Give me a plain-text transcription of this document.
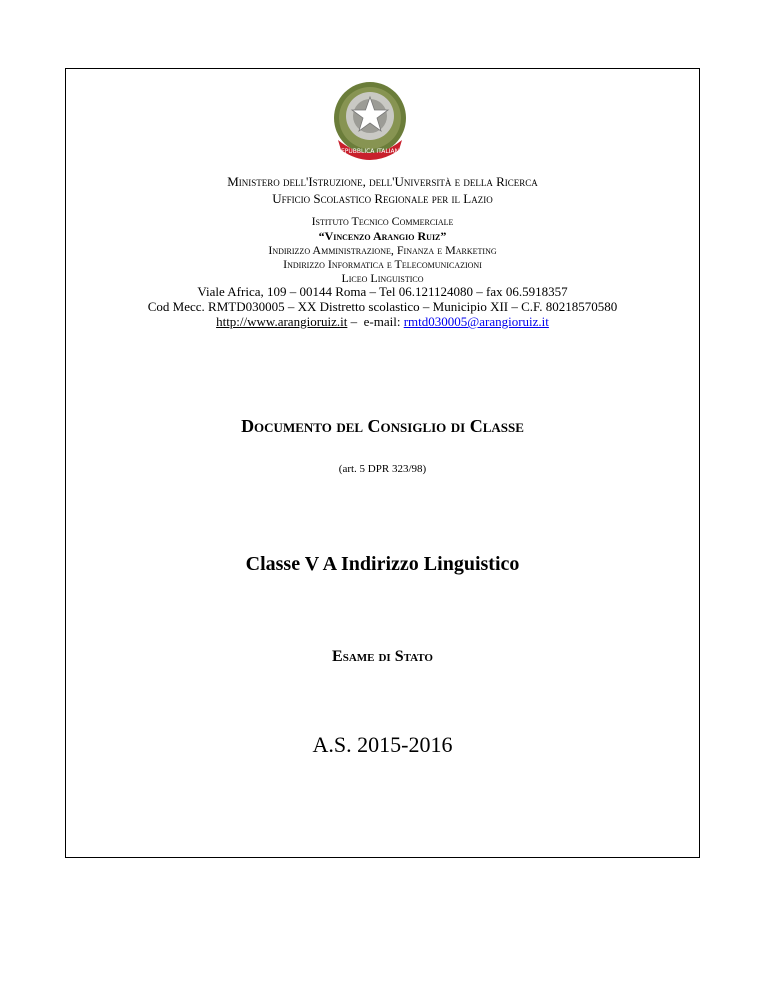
REPUBBLICA ITALIANA
Ministero dell'Istruzione, dell'Università e della Ricerca
Ufficio Scolastico Regionale per il Lazio
Istituto Tecnico Commerciale
“Vincenzo Arangio Ruiz”
Indirizzo Amministrazione, Finanza e Marketing
Indirizzo Informatica e Telecomunicazioni
Liceo Linguistico
Viale Africa, 109 – 00144 Roma – Tel 06.121124080 – fax 06.5918357
Cod Mecc. RMTD030005 – XX Distretto scolastico – Municipio XII – C.F. 80218570580
http://www.arangioruiz.it –  e-mail: rmtd030005@arangioruiz.it
Documento del Consiglio di Classe
(art. 5 DPR 323/98)
Classe V A Indirizzo Linguistico
Esame di Stato
A.S. 2015-2016
